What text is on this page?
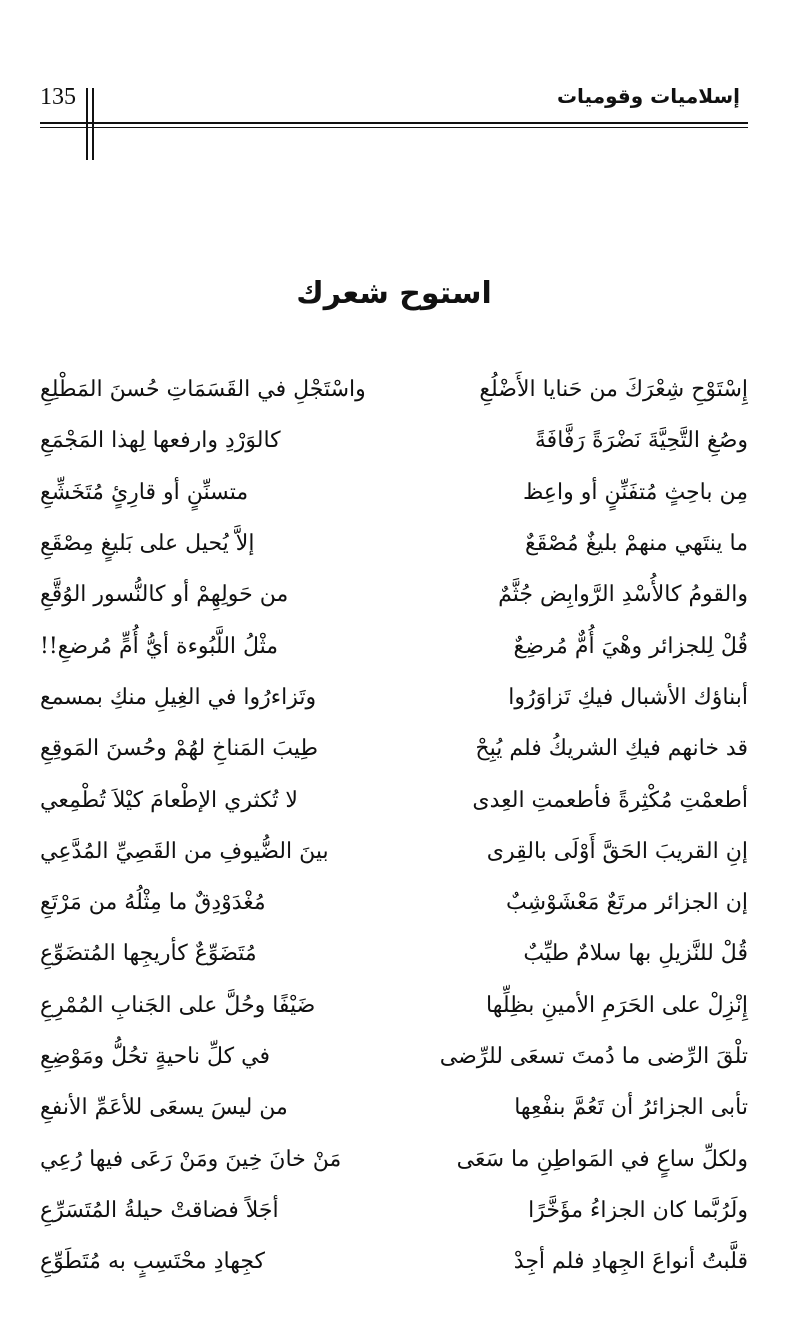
إسلاميات وقوميات
135
استوح شعرك
إِسْتَوْحِ شِعْرَكَ من حَنايا الأَضْلُعِ
واسْتَجْلِ في القَسَمَاتِ حُسنَ المَطْلِعِ
وصُغِ التَّحِيَّةَ نَضْرَةً رَفَّافَةً
كالوَرْدِ وارفعها لِهذا المَجْمَعِ
مِن باحِثٍ مُتفَنِّنٍ أو واعِظ
متسنِّنٍ أو قارِئٍ مُتَخَشِّعِ
ما ينتَهي منهمْ بليغٌ مُصْقَعٌ
إلاَّ يُحيل على بَليغٍ مِصْقَعِ
والقومُ كالأُسْدِ الرَّوابِض جُثَّمٌ
من حَولِهِمْ أو كالنُّسور الوُقَّعِ
قُلْ لِلجزائر وهْيَ أُمٌّ مُرضِعٌ
مثْلُ اللَّبُوءة أيُّ أُمٍّ مُرضعِ!!
أبناؤك الأشبال فيكِ تَزاوَرُوا
وتَزاءرُوا في الغِيلِ منكِ بمسمع
قد خانهم فيكِ الشريكُ فلم يُبِحْ
طِيبَ المَناخِ لهُمْ وحُسنَ المَوقِعِ
أطعمْتِ مُكْثِرةً فأطعمتِ العِدى
لا تُكثري الإطْعامَ كيْلاَ تُطْمِعي
إنِ القريبَ الحَقَّ أَوْلَى بالقِرى
بينَ الضُّيوفِ من القَصِيِّ المُدَّعِي
إن الجزائر مرتَعٌ مَعْشَوْشِبٌ
مُغْدَوْدِقٌ ما مِثْلُهُ من مَرْتَعِ
قُلْ للنَّزيلِ بها سلامٌ طيِّبٌ
مُتَضَوِّعٌ كأريجِها المُتضَوِّعِ
إِنْزِلْ على الحَرَمِ الأمينِ بظِلِّها
ضَيْفًا وحُلَّ على الجَنابِ المُمْرِعِ
تلْقَ الرِّضى ما دُمتَ تسعَى للرِّضى
في كلِّ ناحيةٍ تحُلُّ ومَوْضِعِ
تأبى الجزائرُ أن تَعُمَّ بنفْعِها
من ليسَ يسعَى للأعَمِّ الأنفعِ
ولكلِّ ساعٍ في المَواطِنِ ما سَعَى
مَنْ خانَ خِينَ ومَنْ رَعَى فيها رُعِي
ولَرُبَّما كان الجزاءُ مؤَخَّرًا
أجَلاً فضاقتْ حيلةُ المُتَسَرِّعِ
قلَّبتُ أنواعَ الجِهادِ فلم أجِدْ
كجِهادِ محْتَسِبٍ به مُتَطَوِّعِ
